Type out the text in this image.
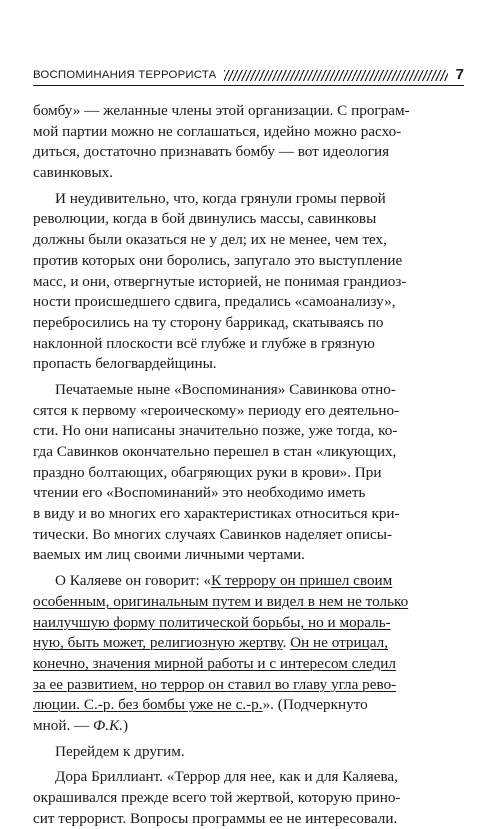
ВОСПОМИНАНИЯ ТЕРРОРИСТА	7
бомбу» — желанные члены этой организации. С програм-
мой партии можно не соглашаться, идейно можно расхо-
диться, достаточно признавать бомбу — вот идеология
савинковых.
И неудивительно, что, когда грянули громы первой
революции, когда в бой двинулись массы, савинковы
должны были оказаться не у дел; их не менее, чем тех,
против которых они боролись, запугало это выступление
масс, и они, отвергнутые историей, не понимая грандиоз-
ности происшедшего сдвига, предались «самоанализу»,
перебросились на ту сторону баррикад, скатываясь по
наклонной плоскости всё глубже и глубже в грязную
пропасть белогвардейщины.
Печатаемые ныне «Воспоминания» Савинкова отно-
сятся к первому «героическому» периоду его деятельно-
сти. Но они написаны значительно позже, уже тогда, ко-
гда Савинков окончательно перешел в стан «ликующих,
праздно болтающих, обагряющих руки в крови». При
чтении его «Воспоминаний» это необходимо иметь
в виду и во многих его характеристиках относиться кри-
тически. Во многих случаях Савинков наделяет описы-
ваемых им лиц своими личными чертами.
О Каляеве он говорит: «К террору он пришел своим
особенным, оригинальным путем и видел в нем не только
наилучшую форму политической борьбы, но и мораль-
ную, быть может, религиозную жертву. Он не отрицал,
конечно, значения мирной работы и с интересом следил
за ее развитием, но террор он ставил во главу угла рево-
люции. С.-р. без бомбы уже не с.-р.». (Подчеркнуто
мной. — Ф.К.)
Перейдем к другим.
Дора Бриллиант. «Террор для нее, как и для Каляева,
окрашивался прежде всего той жертвой, которую прино-
сит террорист. Вопросы программы ее не интересовали.
